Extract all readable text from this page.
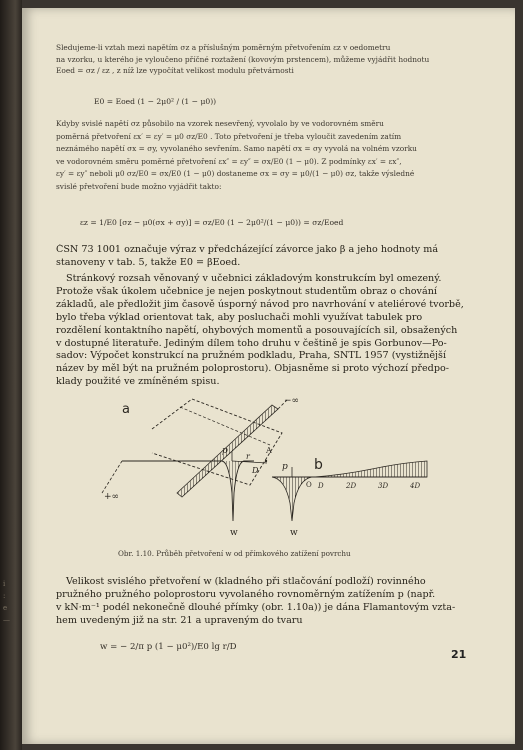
i
:
e
—
Sledujeme-li vztah mezi napětím σz a příslušným poměrným přetvořením εz v oedometru
na vzorku, u kterého je vyloučeno příčné roztažení (kovovým prstencem), můžeme vyjádřit hodnotu
Eoed = σz / εz , z níž lze vypočítat velikost modulu přetvárnosti
E0 = Eoed (1 − 2μ0² / (1 − μ0))
Kdyby svislé napětí σz působilo na vzorek nesevřený, vyvolalo by ve vodorovném směru
poměrná přetvoření εx′ = εy′ = μ0 σz/E0 . Toto přetvoření je třeba vyloučit zavedením zatím
neznámého napětí σx = σy, vyvolaného sevřením. Samo napětí σx = σy vyvolá na volném vzorku
ve vodorovném směru poměrné přetvoření εx″ = εy″ = σx/E0 (1 − μ0). Z podmínky εx′ = εx″,
εy′ = εy″ neboli μ0 σz/E0 = σx/E0 (1 − μ0) dostaneme σx = σy = μ0/(1 − μ0) σz, takže výsledné
svislé přetvoření bude možno vyjádřit takto:
εz = 1/E0 [σz − μ0(σx + σy)] = σz/E0 (1 − 2μ0²/(1 − μ0)) = σz/Eoed
ČSN 73 1001 označuje výraz v předcházející závorce jako β a jeho hodnoty má
stanoveny v tab. 5, takže E0 = βEoed.
Stránkový rozsah věnovaný v učebnici základovým konstrukcím byl omezený.
Protože však úkolem učebnice je nejen poskytnout studentům obraz o chování
základů, ale předložit jim časově úsporný návod pro navrhování v ateliérové tvorbě,
bylo třeba výklad orientovat tak, aby posluchači mohli využívat tabulek pro
rozdělení kontaktního napětí, ohybových momentů a posouvajících sil, obsažených
v dostupné literatuře. Jediným dílem toho druhu v češtině je spis Gorbunov—Po-
sadov: Výpočet konstrukcí na pružném podkladu, Praha, SNTL 1957 (vystižnější
název by měl být na pružném poloprostoru). Objasněme si proto výchozí předpo-
klady použité ve zmíněném spisu.
a
−∞
+∞
w
p
r
D
A
b
p
w
O D	2D	3D	4D
Obr. 1.10. Průběh přetvoření w od přímkového zatížení povrchu
Velikost svislého přetvoření w (kladného při stlačování podloží) rovinného
pružného pružného poloprostoru vyvolaného rovnoměrným zatížením p (např.
v kN·m⁻¹ podél nekonečně dlouhé přímky (obr. 1.10a)) je dána Flamantovým vzta-
hem uvedeným již na str. 21 a upraveným do tvaru
w = − 2/π p (1 − μ0²)/E0 lg r/D
21
